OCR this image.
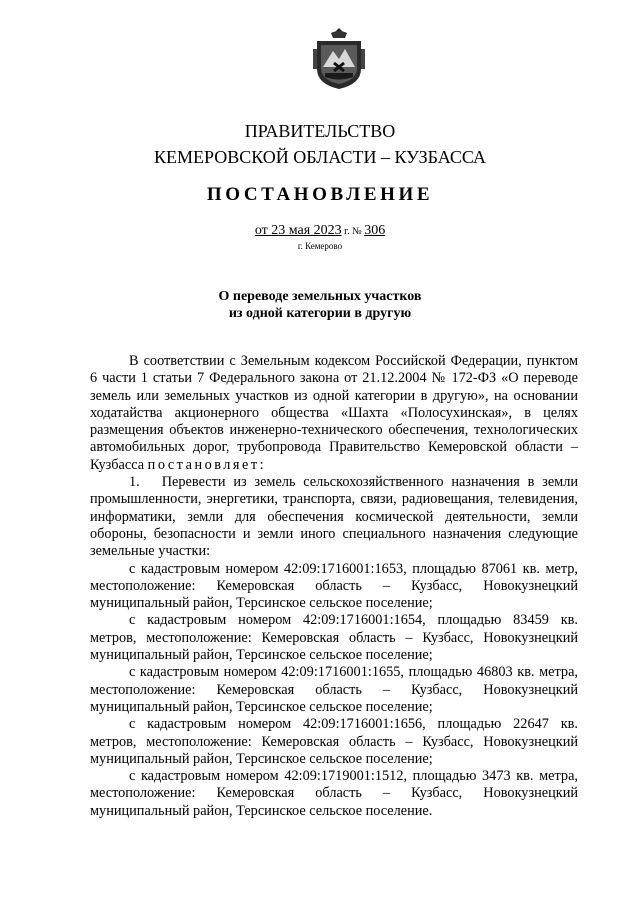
ПРАВИТЕЛЬСТВО
КЕМЕРОВСКОЙ ОБЛАСТИ – КУЗБАССА
ПОСТАНОВЛЕНИЕ
от 23 мая 2023 г. № 306
г. Кемерово
О переводе земельных участков
из одной категории в другую

В соответствии с Земельным кодексом Российской Федерации, пунктом 6 части 1 статьи 7 Федерального закона от 21.12.2004 № 172-ФЗ «О переводе земель или земельных участков из одной категории в другую», на основании ходатайства акционерного общества «Шахта «Полосухинская», в целях размещения объектов инженерно-технического обеспечения, технологических автомобильных дорог, трубопровода Правительство Кемеровской области – Кузбасса постановляет:

1. Перевести из земель сельскохозяйственного назначения в земли промышленности, энергетики, транспорта, связи, радиовещания, телевидения, информатики, земли для обеспечения космической деятельности, земли обороны, безопасности и земли иного специального назначения следующие земельные участки:

с кадастровым номером 42:09:1716001:1653, площадью 87061 кв. метр, местоположение: Кемеровская область – Кузбасс, Новокузнецкий муниципальный район, Терсинское сельское поселение;

с кадастровым номером 42:09:1716001:1654, площадью 83459 кв. метров, местоположение: Кемеровская область – Кузбасс, Новокузнецкий муниципальный район, Терсинское сельское поселение;

с кадастровым номером 42:09:1716001:1655, площадью 46803 кв. метра, местоположение: Кемеровская область – Кузбасс, Новокузнецкий муниципальный район, Терсинское сельское поселение;

с кадастровым номером 42:09:1716001:1656, площадью 22647 кв. метров, местоположение: Кемеровская область – Кузбасс, Новокузнецкий муниципальный район, Терсинское сельское поселение;

с кадастровым номером 42:09:1719001:1512, площадью 3473 кв. метра, местоположение: Кемеровская область – Кузбасс, Новокузнецкий муниципальный район, Терсинское сельское поселение.
